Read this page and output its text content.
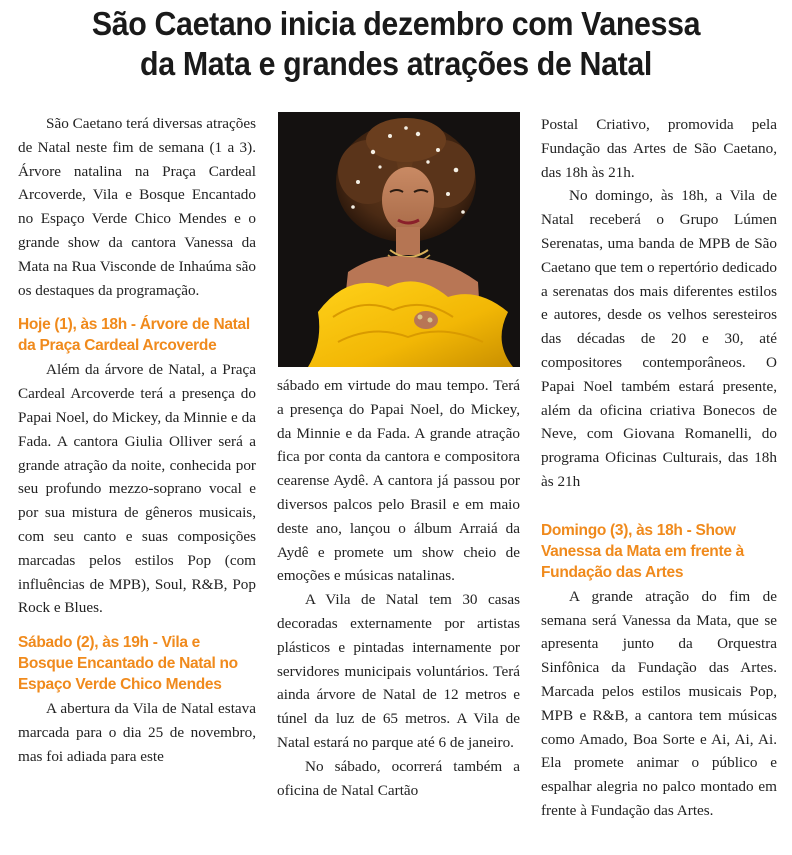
São Caetano inicia dezembro com Vanessa
da Mata e grandes atrações de Natal

São Caetano terá diversas atrações de Natal neste fim de semana (1 a 3). Árvore natalina na Praça Cardeal Arcoverde, Vila e Bosque Encantado no Espaço Verde Chico Mendes e o grande show da cantora Vanessa da Mata na Rua Visconde de Inhaúma são os destaques da programação.

Hoje (1), às 18h - Árvore de Natal da Praça Cardeal Arcoverde

Além da árvore de Natal, a Praça Cardeal Arcoverde terá a presença do Papai Noel, do Mickey, da Minnie e da Fada. A cantora Giulia Olliver será a grande atração da noite, conhecida por seu profundo mezzo-soprano vocal e por sua mistura de gêneros musicais, com seu canto e suas composições marcadas pelos estilos Pop (com influências de MPB), Soul, R&B, Pop Rock e Blues.

Sábado (2), às 19h - Vila e Bosque Encantado de Natal no Espaço Verde Chico Mendes

A abertura da Vila de Natal estava marcada para o dia 25 de novembro, mas foi adiada para este

sábado em virtude do mau tempo. Terá a presença do Papai Noel, do Mickey, da Minnie e da Fada. A grande atração fica por conta da cantora e compositora cearense Aydê. A cantora já passou por diversos palcos pelo Brasil e em maio deste ano, lançou o álbum Arraiá da Aydê e promete um show cheio de emoções e músicas natalinas.

A Vila de Natal tem 30 casas decoradas externamente por artistas plásticos e pintadas internamente por servidores municipais voluntários. Terá ainda árvore de Natal de 12 metros e túnel da luz de 65 metros. A Vila de Natal estará no parque até 6 de janeiro.

No sábado, ocorrerá também a oficina de Natal Cartão

Postal Criativo, promovida pela Fundação das Artes de São Caetano, das 18h às 21h.

No domingo, às 18h, a Vila de Natal receberá o Grupo Lúmen Serenatas, uma banda de MPB de São Caetano que tem o repertório dedicado a serenatas dos mais diferentes estilos e autores, desde os velhos seresteiros das décadas de 20 e 30, até compositores contemporâneos. O Papai Noel também estará presente, além da oficina criativa Bonecos de Neve, com Giovana Romanelli, do programa Oficinas Culturais, das 18h às 21h

Domingo (3), às 18h - Show Vanessa da Mata em frente à Fundação das Artes

A grande atração do fim de semana será Vanessa da Mata, que se apresenta junto da Orquestra Sinfônica da Fundação das Artes. Marcada pelos estilos musicais Pop, MPB e R&B, a cantora tem músicas como Amado, Boa Sorte e Ai, Ai, Ai. Ela promete animar o público e espalhar alegria no palco montado em frente à Fundação das Artes.
